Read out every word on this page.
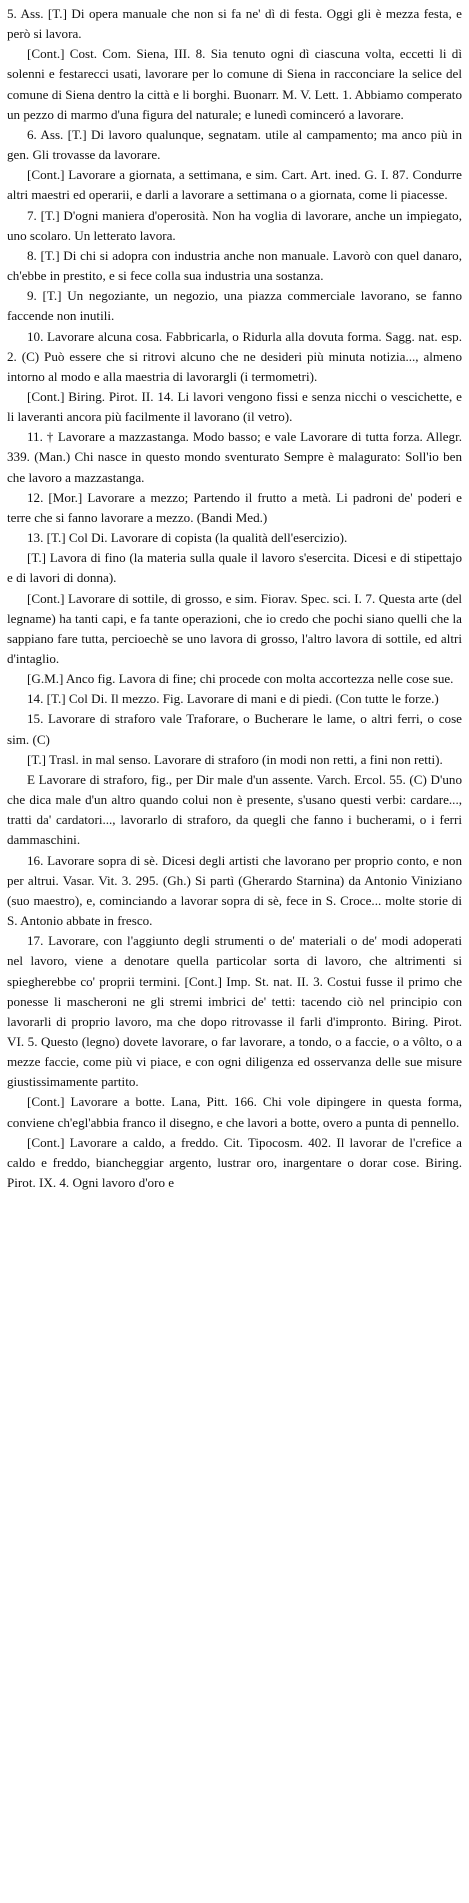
5. Ass. [T.] Di opera manuale che non si fa ne' dì di festa. Oggi gli è mezza festa, e però si lavora.

[Cont.] Cost. Com. Siena, III. 8. Sia tenuto ogni dì ciascuna volta, eccetti li dì solenni e festarecci usati, lavorare per lo comune di Siena in racconciare la selice del comune di Siena dentro la città e li borghi. Buonarr. M. V. Lett. 1. Abbiamo comperato un pezzo di marmo d'una figura del naturale; e lunedì cominceró a lavorare.

6. Ass. [T.] Di lavoro qualunque, segnatam. utile al campamento; ma anco più in gen. Gli trovasse da lavorare.

[Cont.] Lavorare a giornata, a settimana, e sim. Cart. Art. ined. G. I. 87. Condurre altri maestri ed operarii, e darli a lavorare a settimana o a giornata, come li piacesse.

7. [T.] D'ogni maniera d'operosità. Non ha voglia di lavorare, anche un impiegato, uno scolaro. Un letterato lavora.

8. [T.] Di chi si adopra con industria anche non manuale. Lavorò con quel danaro, ch'ebbe in prestito, e si fece colla sua industria una sostanza.

9. [T.] Un negoziante, un negozio, una piazza commerciale lavorano, se fanno faccende non inutili.

10. Lavorare alcuna cosa. Fabbricarla, o Ridurla alla dovuta forma. Sagg. nat. esp. 2. (C) Può essere che si ritrovi alcuno che ne desideri più minuta notizia..., almeno intorno al modo e alla maestria di lavorargli (i termometri).

[Cont.] Biring. Pirot. II. 14. Li lavori vengono fissi e senza nicchi o vescichette, e li laveranti ancora più facilmente il lavorano (il vetro).

11. † Lavorare a mazzastanga. Modo basso; e vale Lavorare di tutta forza. Allegr. 339. (Man.) Chi nasce in questo mondo sventurato Sempre è malagurato: Soll'io ben che lavoro a mazzastanga.

12. [Mor.] Lavorare a mezzo; Partendo il frutto a metà. Li padroni de' poderi e terre che si fanno lavorare a mezzo. (Bandi Med.)

13. [T.] Col Di. Lavorare di copista (la qualità dell'esercizio).

[T.] Lavora di fino (la materia sulla quale il lavoro s'esercita. Dicesi e di stipettajo e di lavori di donna).

[Cont.] Lavorare di sottile, di grosso, e sim. Fiorav. Spec. sci. I. 7. Questa arte (del legname) ha tanti capi, e fa tante operazioni, che io credo che pochi siano quelli che la sappiano fare tutta, percioechè se uno lavora di grosso, l'altro lavora di sottile, ed altri d'intaglio.

[G.M.] Anco fig. Lavora di fine; chi procede con molta accortezza nelle cose sue.

14. [T.] Col Di. Il mezzo. Fig. Lavorare di mani e di piedi. (Con tutte le forze.)

15. Lavorare di straforo vale Traforare, o Bucherare le lame, o altri ferri, o cose sim. (C)

[T.] Trasl. in mal senso. Lavorare di straforo (in modi non retti, a fini non retti).

E Lavorare di straforo, fig., per Dir male d'un assente. Varch. Ercol. 55. (C) D'uno che dica male d'un altro quando colui non è presente, s'usano questi verbi: cardare..., tratti da' cardatori..., lavorarlo di straforo, da quegli che fanno i bucherami, o i ferri dammaschini.

16. Lavorare sopra di sè. Dicesi degli artisti che lavorano per proprio conto, e non per altrui. Vasar. Vit. 3. 295. (Gh.) Si partì (Gherardo Starnina) da Antonio Viniziano (suo maestro), e, cominciando a lavorar sopra di sè, fece in S. Croce... molte storie di S. Antonio abbate in fresco.

17. Lavorare, con l'aggiunto degli strumenti o de' materiali o de' modi adoperati nel lavoro, viene a denotare quella particolar sorta di lavoro, che altrimenti si spiegherebbe co' proprii termini. [Cont.] Imp. St. nat. II. 3. Costui fusse il primo che ponesse li mascheroni ne gli stremi imbrici de' tetti: tacendo ciò nel principio con lavorarli di proprio lavoro, ma che dopo ritrovasse il farli d'impronto. Biring. Pirot. VI. 5. Questo (legno) dovete lavorare, o far lavorare, a tondo, o a faccie, o a vôlto, o a mezze faccie, come più vi piace, e con ogni diligenza ed osservanza delle sue misure giustissimamente partito.

[Cont.] Lavorare a botte. Lana, Pitt. 166. Chi vole dipingere in questa forma, conviene ch'egl'abbia franco il disegno, e che lavori a botte, overo a punta di pennello.

[Cont.] Lavorare a caldo, a freddo. Cit. Tipocosm. 402. Il lavorar de l'crefice a caldo e freddo, biancheggiar argento, lustrar oro, inargentare o dorar cose. Biring. Pirot. IX. 4. Ogni lavoro d'oro e
